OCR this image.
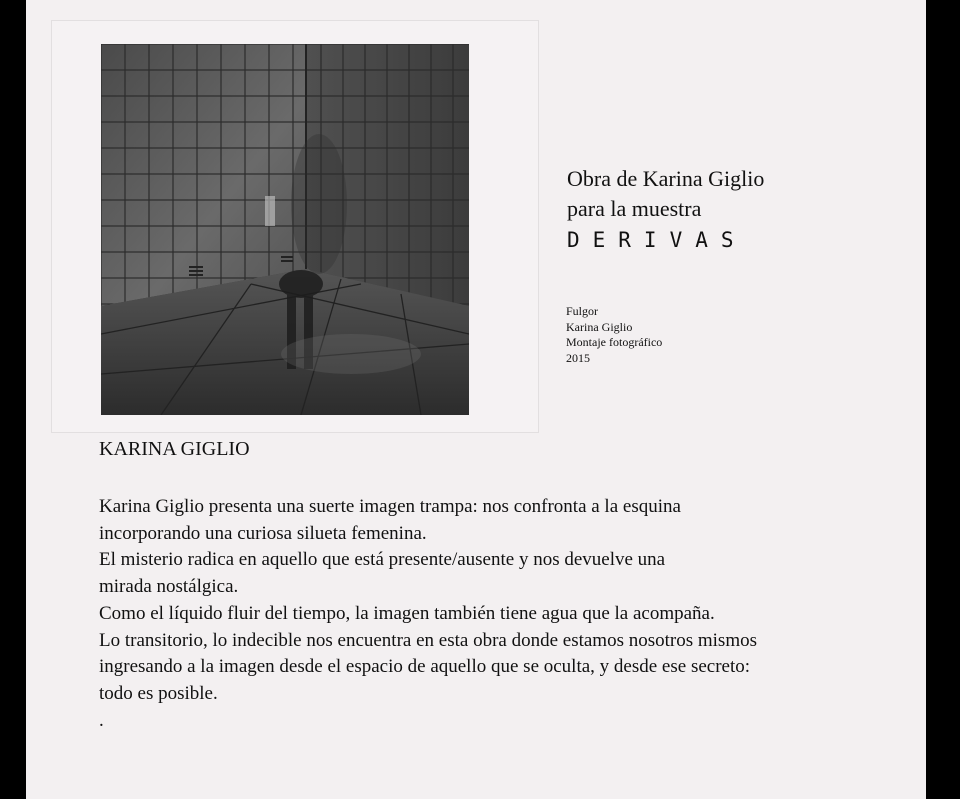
Obra de Karina Giglio
para la muestra
DERIVAS
Fulgor
Karina Giglio
Montaje fotográfico
2015
KARINA GIGLIO
Karina Giglio presenta una suerte imagen trampa: nos confronta a la esquina
incorporando una curiosa silueta femenina.
El misterio radica en aquello que está presente/ausente y nos devuelve una
mirada nostálgica.
Como el líquido fluir del tiempo, la imagen también tiene agua que la acompaña.
Lo transitorio, lo indecible nos encuentra en esta obra donde estamos nosotros mismos
ingresando a la imagen desde el espacio de aquello que se oculta, y desde ese secreto:
todo es posible.
.
